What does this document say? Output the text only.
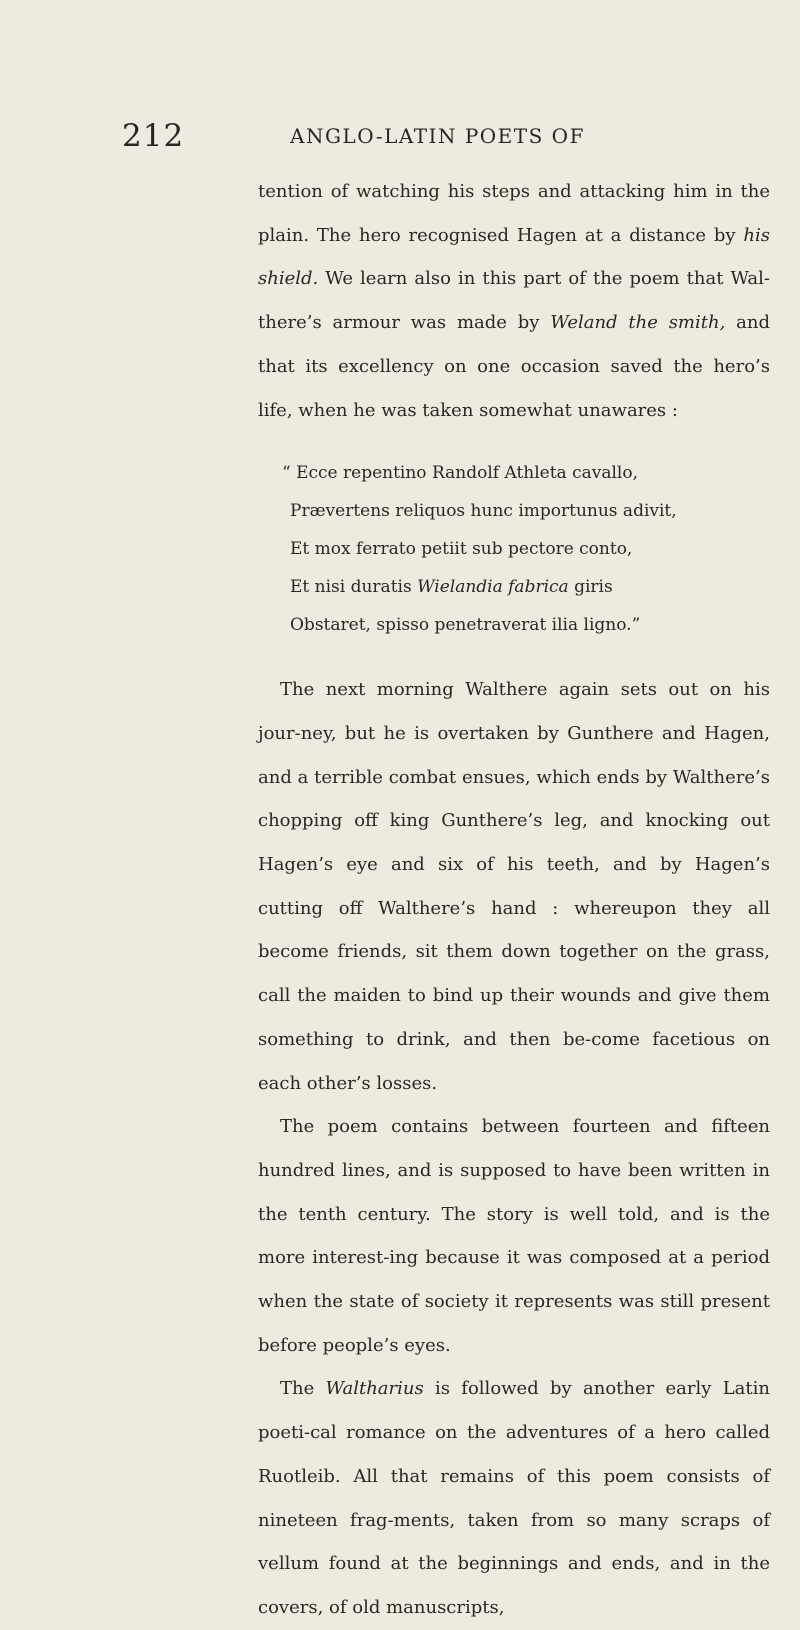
212	ANGLO-LATIN POETS OF

tention of watching his steps and attacking him in the plain. The hero recognised Hagen at a distance by his shield. We learn also in this part of the poem that Wal-there’s armour was made by Weland the smith, and that its excellency on one occasion saved the hero’s life, when he was taken somewhat unawares :

“ Ecce repentino Randolf Athleta cavallo,
Prævertens reliquos hunc importunus adivit,
Et mox ferrato petiit sub pectore conto,
Et nisi duratis Wielandia fabrica giris
Obstaret, spisso penetraverat ilia ligno.”

The next morning Walthere again sets out on his jour-ney, but he is overtaken by Gunthere and Hagen, and a terrible combat ensues, which ends by Walthere’s chopping off king Gunthere’s leg, and knocking out Hagen’s eye and six of his teeth, and by Hagen’s cutting off Walthere’s hand : whereupon they all become friends, sit them down together on the grass, call the maiden to bind up their wounds and give them something to drink, and then be-come facetious on each other’s losses.

The poem contains between fourteen and fifteen hundred lines, and is supposed to have been written in the tenth century. The story is well told, and is the more interest-ing because it was composed at a period when the state of society it represents was still present before people’s eyes.

The Waltharius is followed by another early Latin poeti-cal romance on the adventures of a hero called Ruotleib. All that remains of this poem consists of nineteen frag-ments, taken from so many scraps of vellum found at the beginnings and ends, and in the covers, of old manuscripts,
